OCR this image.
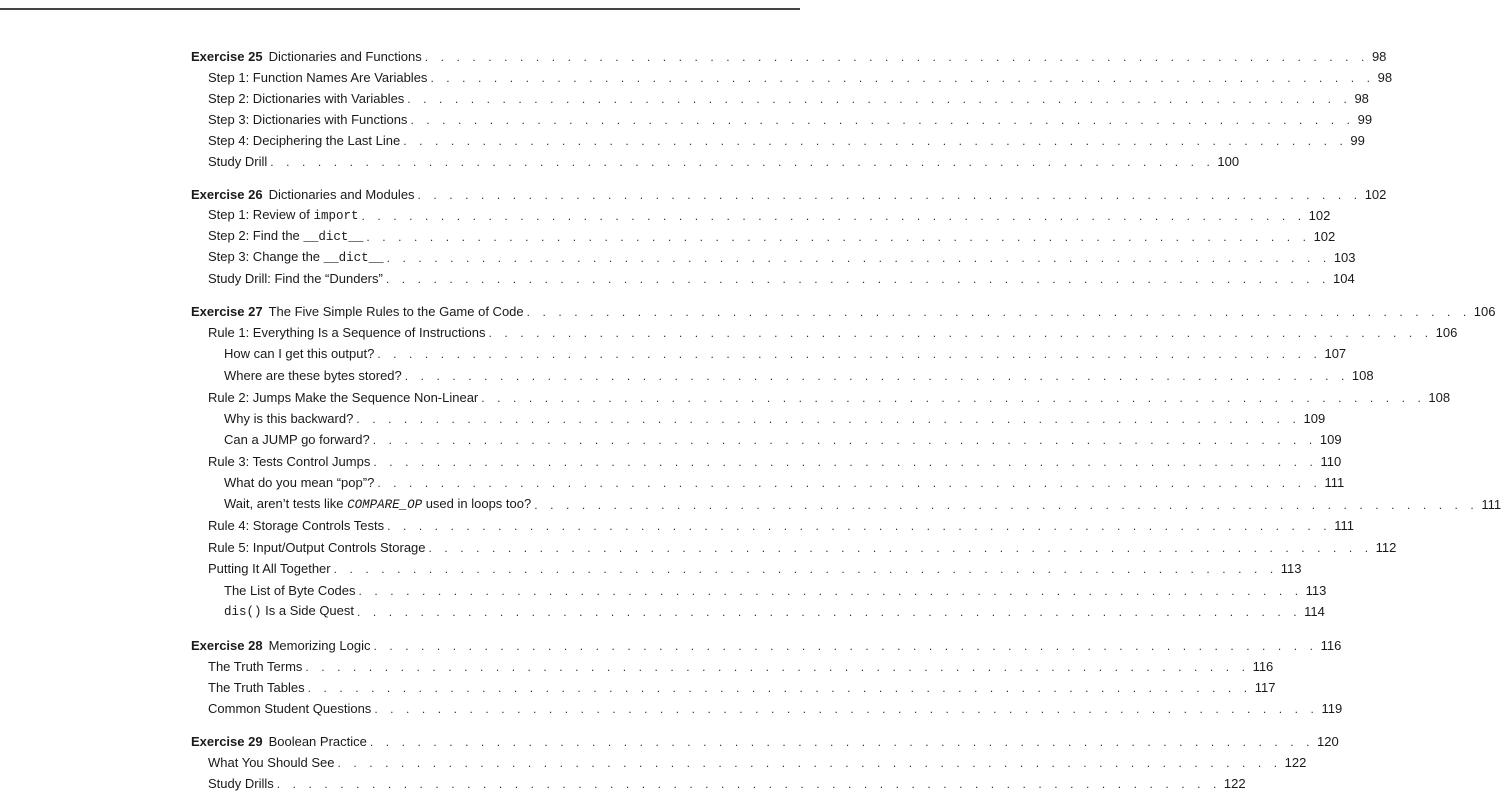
Exercise 25 Dictionaries and Functions . . . . . . . . . . . . . . . . . . . . . . . . . . . . . . . . . . . . . . . . . . . . . . . . . . . . . . . . . . . . 98
Step 1: Function Names Are Variables . . . . . . . . . . . . . . . . . . . . . . . . . . . . . . . . . . . . . . . . . . . . . . . . . . . . . . . . . . . . 98
Step 2: Dictionaries with Variables . . . . . . . . . . . . . . . . . . . . . . . . . . . . . . . . . . . . . . . . . . . . . . . . . . . . . . . . . . . . 98
Step 3: Dictionaries with Functions . . . . . . . . . . . . . . . . . . . . . . . . . . . . . . . . . . . . . . . . . . . . . . . . . . . . . . . . . . . . 99
Step 4: Deciphering the Last Line . . . . . . . . . . . . . . . . . . . . . . . . . . . . . . . . . . . . . . . . . . . . . . . . . . . . . . . . . . . . 99
Study Drill . . . . . . . . . . . . . . . . . . . . . . . . . . . . . . . . . . . . . . . . . . . . . . . . . . . . . . . . . . . . 100
Exercise 26 Dictionaries and Modules . . . . . . . . . . . . . . . . . . . . . . . . . . . . . . . . . . . . . . . . . . . . . . . . . . . . . . . . . . . . 102
Step 1: Review of import . . . . . . . . . . . . . . . . . . . . . . . . . . . . . . . . . . . . . . . . . . . . . . . . . . . . . . . . . . . . 102
Step 2: Find the __dict__ . . . . . . . . . . . . . . . . . . . . . . . . . . . . . . . . . . . . . . . . . . . . . . . . . . . . . . . . . . . . 102
Step 3: Change the __dict__ . . . . . . . . . . . . . . . . . . . . . . . . . . . . . . . . . . . . . . . . . . . . . . . . . . . . . . . . . . . . 103
Study Drill: Find the “Dunders” . . . . . . . . . . . . . . . . . . . . . . . . . . . . . . . . . . . . . . . . . . . . . . . . . . . . . . . . . . . . 104
Exercise 27 The Five Simple Rules to the Game of Code . . . . . . . . . . . . . . . . . . . . . . . . . . . . . . . . . . . . . . . . . . . . . . . . . . . . . . . . . . . . 106
Rule 1: Everything Is a Sequence of Instructions . . . . . . . . . . . . . . . . . . . . . . . . . . . . . . . . . . . . . . . . . . . . . . . . . . . . . . . . . . . . 106
How can I get this output? . . . . . . . . . . . . . . . . . . . . . . . . . . . . . . . . . . . . . . . . . . . . . . . . . . . . . . . . . . . . 107
Where are these bytes stored? . . . . . . . . . . . . . . . . . . . . . . . . . . . . . . . . . . . . . . . . . . . . . . . . . . . . . . . . . . . . 108
Rule 2: Jumps Make the Sequence Non-Linear . . . . . . . . . . . . . . . . . . . . . . . . . . . . . . . . . . . . . . . . . . . . . . . . . . . . . . . . . . . . 108
Why is this backward? . . . . . . . . . . . . . . . . . . . . . . . . . . . . . . . . . . . . . . . . . . . . . . . . . . . . . . . . . . . . 109
Can a JUMP go forward? . . . . . . . . . . . . . . . . . . . . . . . . . . . . . . . . . . . . . . . . . . . . . . . . . . . . . . . . . . . . 109
Rule 3: Tests Control Jumps . . . . . . . . . . . . . . . . . . . . . . . . . . . . . . . . . . . . . . . . . . . . . . . . . . . . . . . . . . . . 110
What do you mean “pop”? . . . . . . . . . . . . . . . . . . . . . . . . . . . . . . . . . . . . . . . . . . . . . . . . . . . . . . . . . . . . 111
Wait, aren’t tests like COMPARE_OP used in loops too? . . . . . . . . . . . . . . . . . . . . . . . . . . . . . . . . . . . . . . . . . . . . . . . . . . . . . . . . . . . . 111
Rule 4: Storage Controls Tests . . . . . . . . . . . . . . . . . . . . . . . . . . . . . . . . . . . . . . . . . . . . . . . . . . . . . . . . . . . . 111
Rule 5: Input/Output Controls Storage . . . . . . . . . . . . . . . . . . . . . . . . . . . . . . . . . . . . . . . . . . . . . . . . . . . . . . . . . . . . 112
Putting It All Together . . . . . . . . . . . . . . . . . . . . . . . . . . . . . . . . . . . . . . . . . . . . . . . . . . . . . . . . . . . . 113
The List of Byte Codes . . . . . . . . . . . . . . . . . . . . . . . . . . . . . . . . . . . . . . . . . . . . . . . . . . . . . . . . . . . . 113
dis() Is a Side Quest . . . . . . . . . . . . . . . . . . . . . . . . . . . . . . . . . . . . . . . . . . . . . . . . . . . . . . . . . . . . 114
Exercise 28 Memorizing Logic . . . . . . . . . . . . . . . . . . . . . . . . . . . . . . . . . . . . . . . . . . . . . . . . . . . . . . . . . . . . 116
The Truth Terms . . . . . . . . . . . . . . . . . . . . . . . . . . . . . . . . . . . . . . . . . . . . . . . . . . . . . . . . . . . . 116
The Truth Tables . . . . . . . . . . . . . . . . . . . . . . . . . . . . . . . . . . . . . . . . . . . . . . . . . . . . . . . . . . . . 117
Common Student Questions . . . . . . . . . . . . . . . . . . . . . . . . . . . . . . . . . . . . . . . . . . . . . . . . . . . . . . . . . . . . 119
Exercise 29 Boolean Practice . . . . . . . . . . . . . . . . . . . . . . . . . . . . . . . . . . . . . . . . . . . . . . . . . . . . . . . . . . . . 120
What You Should See . . . . . . . . . . . . . . . . . . . . . . . . . . . . . . . . . . . . . . . . . . . . . . . . . . . . . . . . . . . . 122
Study Drills . . . . . . . . . . . . . . . . . . . . . . . . . . . . . . . . . . . . . . . . . . . . . . . . . . . . . . . . . . . . 122
